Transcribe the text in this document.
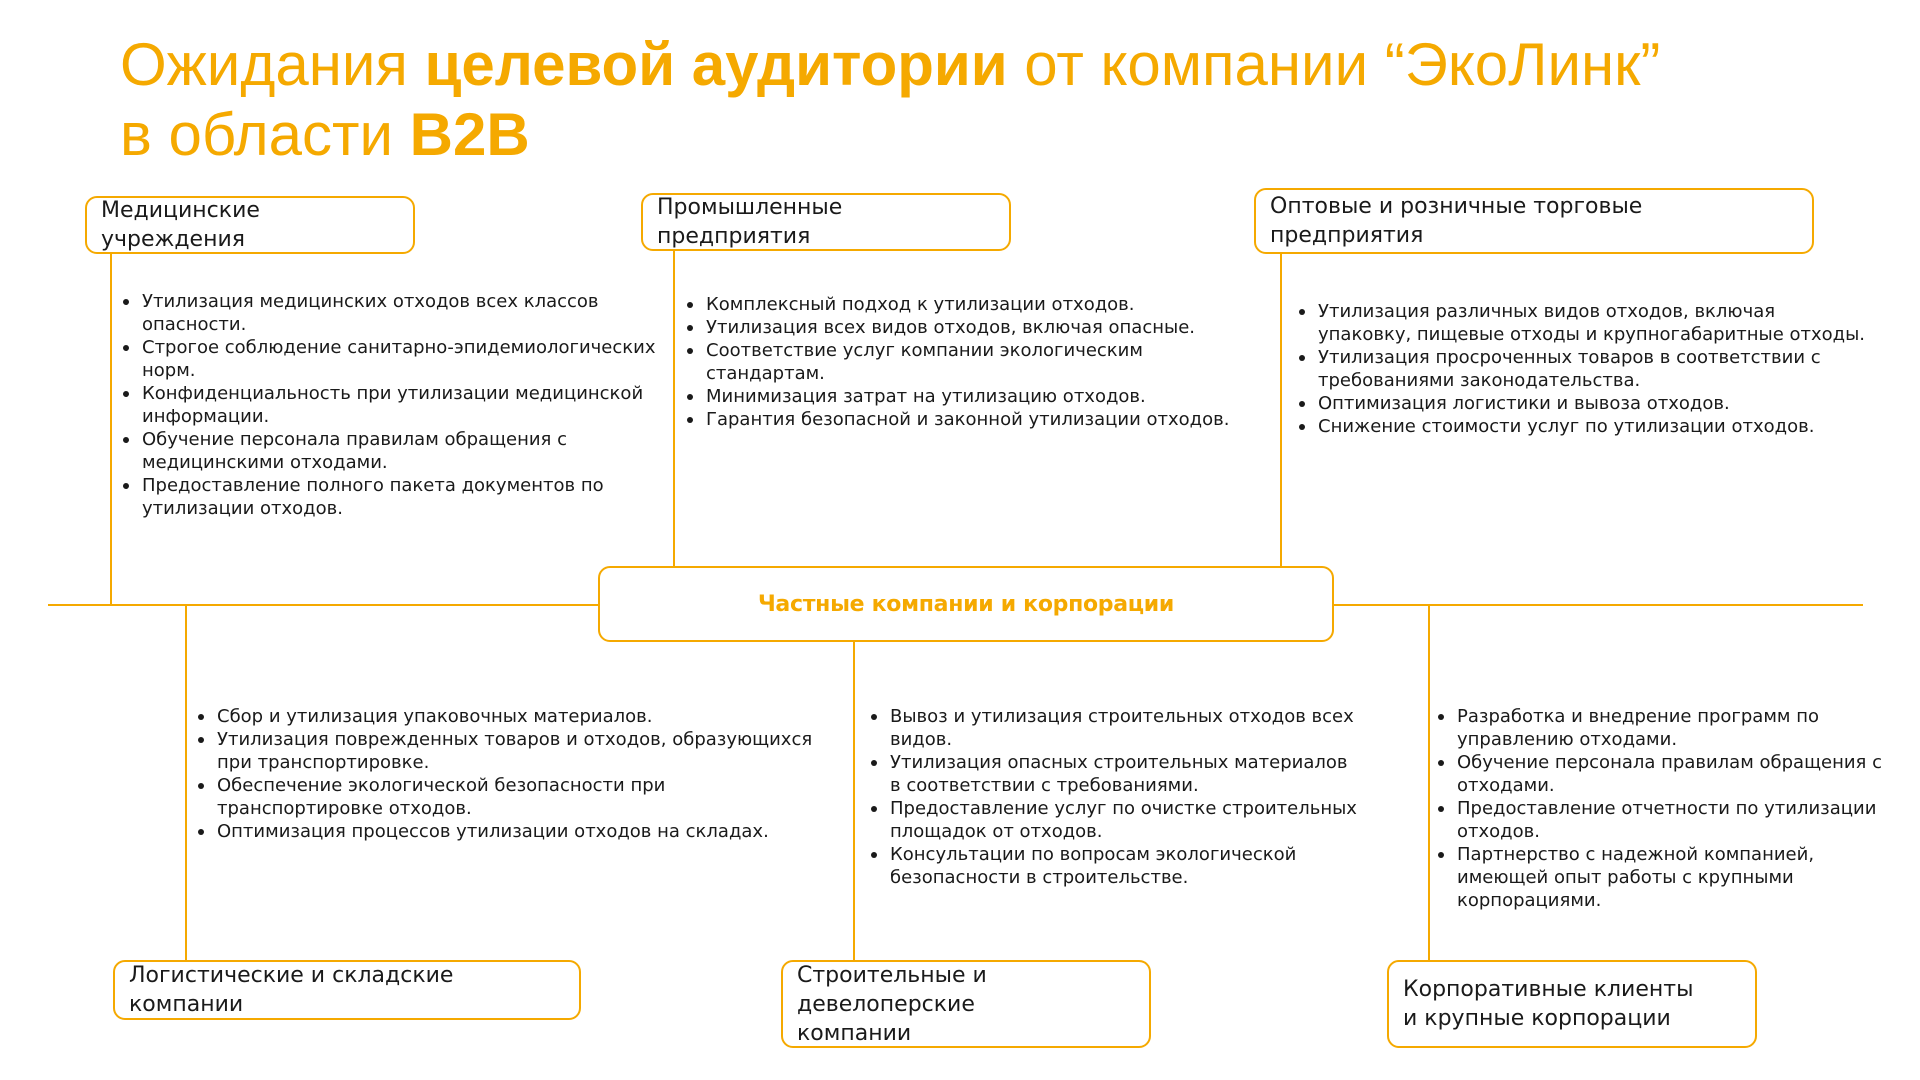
Ожидания целевой аудитории от компании “ЭкоЛинк”
в области B2B
Медицинские учреждения
Промышленные предприятия
Оптовые и розничные торговые предприятия
Частные компании и корпорации
Логистические и складские компании
Строительные и девелоперские компании
Корпоративные клиенты и крупные корпорации
Утилизация медицинских отходов всех классов опасности.
Строгое соблюдение санитарно-эпидемиологических норм.
Конфиденциальность при утилизации медицинской информации.
Обучение персонала правилам обращения с медицинскими отходами.
Предоставление полного пакета документов по утилизации отходов.
Комплексный подход к утилизации отходов.
Утилизация всех видов отходов, включая опасные.
Соответствие услуг компании экологическим стандартам.
Минимизация затрат на утилизацию отходов.
Гарантия безопасной и законной утилизации отходов.
Утилизация различных видов отходов, включая упаковку, пищевые отходы и крупногабаритные отходы.
Утилизация просроченных товаров в соответствии с требованиями законодательства.
Оптимизация логистики и вывоза отходов.
Снижение стоимости услуг по утилизации отходов.
Сбор и утилизация упаковочных материалов.
Утилизация поврежденных товаров и отходов, образующихся при транспортировке.
Обеспечение экологической безопасности при транспортировке отходов.
Оптимизация процессов утилизации отходов на складах.
Вывоз и утилизация строительных отходов всех видов.
Утилизация опасных строительных материалов в соответствии с требованиями.
Предоставление услуг по очистке строительных площадок от отходов.
Консультации по вопросам экологической безопасности в строительстве.
Разработка и внедрение программ по управлению отходами.
Обучение персонала правилам обращения с отходами.
Предоставление отчетности по утилизации отходов.
Партнерство с надежной компанией, имеющей опыт работы с крупными корпорациями.
